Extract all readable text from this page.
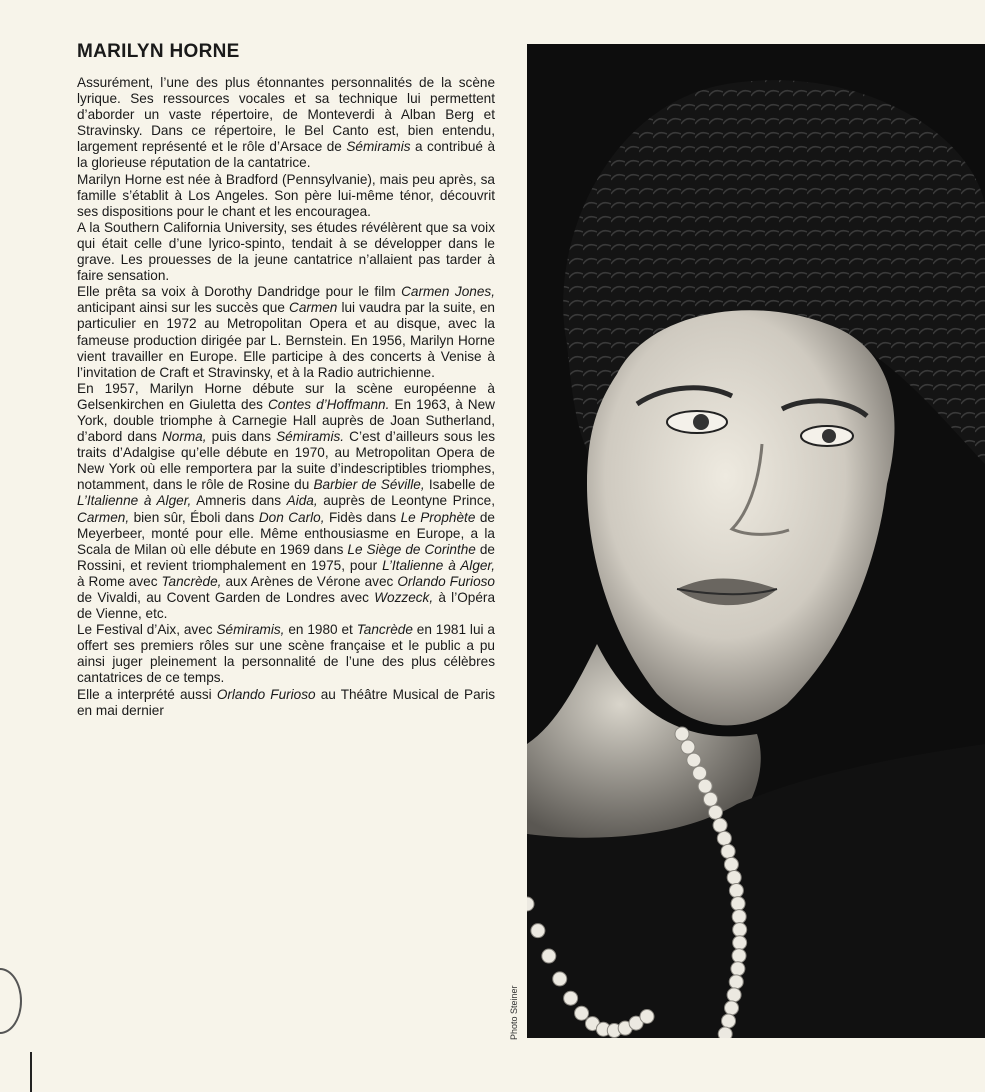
MARILYN HORNE

Assurément, l’une des plus étonnantes personnalités de la scène lyrique. Ses ressources vocales et sa technique lui permettent d’aborder un vaste répertoire, de Monteverdi à Alban Berg et Stravinsky. Dans ce répertoire, le Bel Canto est, bien entendu, largement représenté et le rôle d’Arsace de Sémiramis a contribué à la glorieuse réputation de la cantatrice.

Marilyn Horne est née à Bradford (Pennsylvanie), mais peu après, sa famille s’établit à Los Angeles. Son père lui-même ténor, découvrit ses dispositions pour le chant et les encouragea.

A la Southern California University, ses études révélèrent que sa voix qui était celle d’une lyrico-spinto, tendait à se développer dans le grave. Les prouesses de la jeune cantatrice n’allaient pas tarder à faire sensation.

Elle prêta sa voix à Dorothy Dandridge pour le film Carmen Jones, anticipant ainsi sur les succès que Carmen lui vaudra par la suite, en particulier en 1972 au Metropolitan Opera et au disque, avec la fameuse production dirigée par L. Bernstein. En 1956, Marilyn Horne vient travailler en Europe. Elle participe à des concerts à Venise à l’invitation de Craft et Stravinsky, et à la Radio autrichienne.

En 1957, Marilyn Horne débute sur la scène européenne à Gelsenkirchen en Giuletta des Contes d’Hoffmann. En 1963, à New York, double triomphe à Carnegie Hall auprès de Joan Sutherland, d’abord dans Norma, puis dans Sémiramis. C’est d’ailleurs sous les traits d’Adalgise qu’elle débute en 1970, au Metropolitan Opera de New York où elle remportera par la suite d’indescriptibles triomphes, notamment, dans le rôle de Rosine du Barbier de Séville, Isabelle de L’Italienne à Alger, Amneris dans Aida, auprès de Leontyne Prince, Carmen, bien sûr, Éboli dans Don Carlo, Fidès dans Le Prophète de Meyerbeer, monté pour elle. Même enthousiasme en Europe, a la Scala de Milan où elle débute en 1969 dans Le Siège de Corinthe de Rossini, et revient triomphalement en 1975, pour L’Italienne à Alger, à Rome avec Tancrède, aux Arènes de Vérone avec Orlando Furioso de Vivaldi, au Covent Garden de Londres avec Wozzeck, à l’Opéra de Vienne, etc.

Le Festival d’Aix, avec Sémiramis, en 1980 et Tancrède en 1981 lui a offert ses premiers rôles sur une scène française et le public a pu ainsi juger pleinement la personnalité de l’une des plus célèbres cantatrices de ce temps.

Elle a interprété aussi Orlando Furioso au Théâtre Musical de Paris en mai dernier

Photo Steiner
